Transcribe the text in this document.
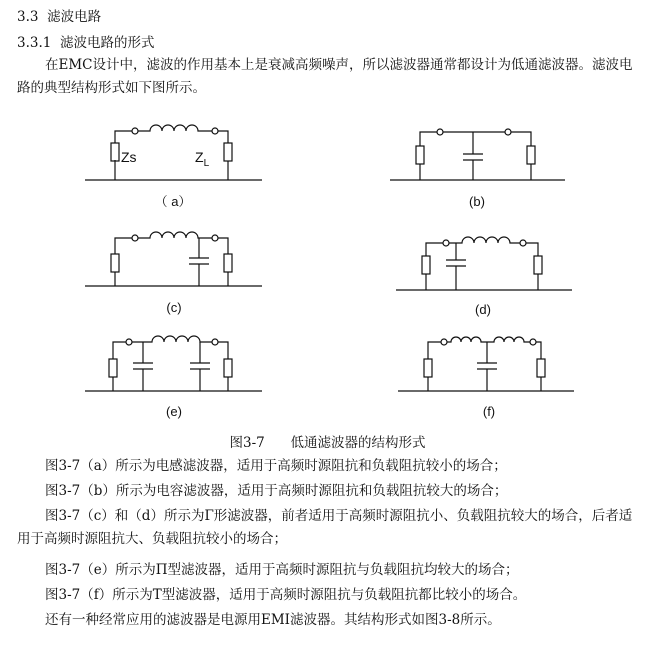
3.3 滤波电路
3.3.1 滤波电路的形式
在EMC设计中，滤波的作用基本上是衰减高频噪声，所以滤波器通常都设计为低通滤波器。滤波电路的典型结构形式如下图所示。
Zs	$Z_L$
（ a）	(b)
(c)	(d)
(e)	(f)
图3-7 低通滤波器的结构形式
图3-7（a）所示为电感滤波器，适用于高频时源阻抗和负载阻抗较小的场合；
图3-7（b）所示为电容滤波器，适用于高频时源阻抗和负载阻抗较大的场合；
图3-7（c）和（d）所示为Γ形滤波器，前者适用于高频时源阻抗小、负载阻抗较大的场合，后者适用于高频时源阻抗大、负载阻抗较小的场合；
图3-7（e）所示为Π型滤波器，适用于高频时源阻抗与负载阻抗均较大的场合；
图3-7（f）所示为T型滤波器，适用于高频时源阻抗与负载阻抗都比较小的场合。
还有一种经常应用的滤波器是电源用EMI滤波器。其结构形式如图3-8所示。
